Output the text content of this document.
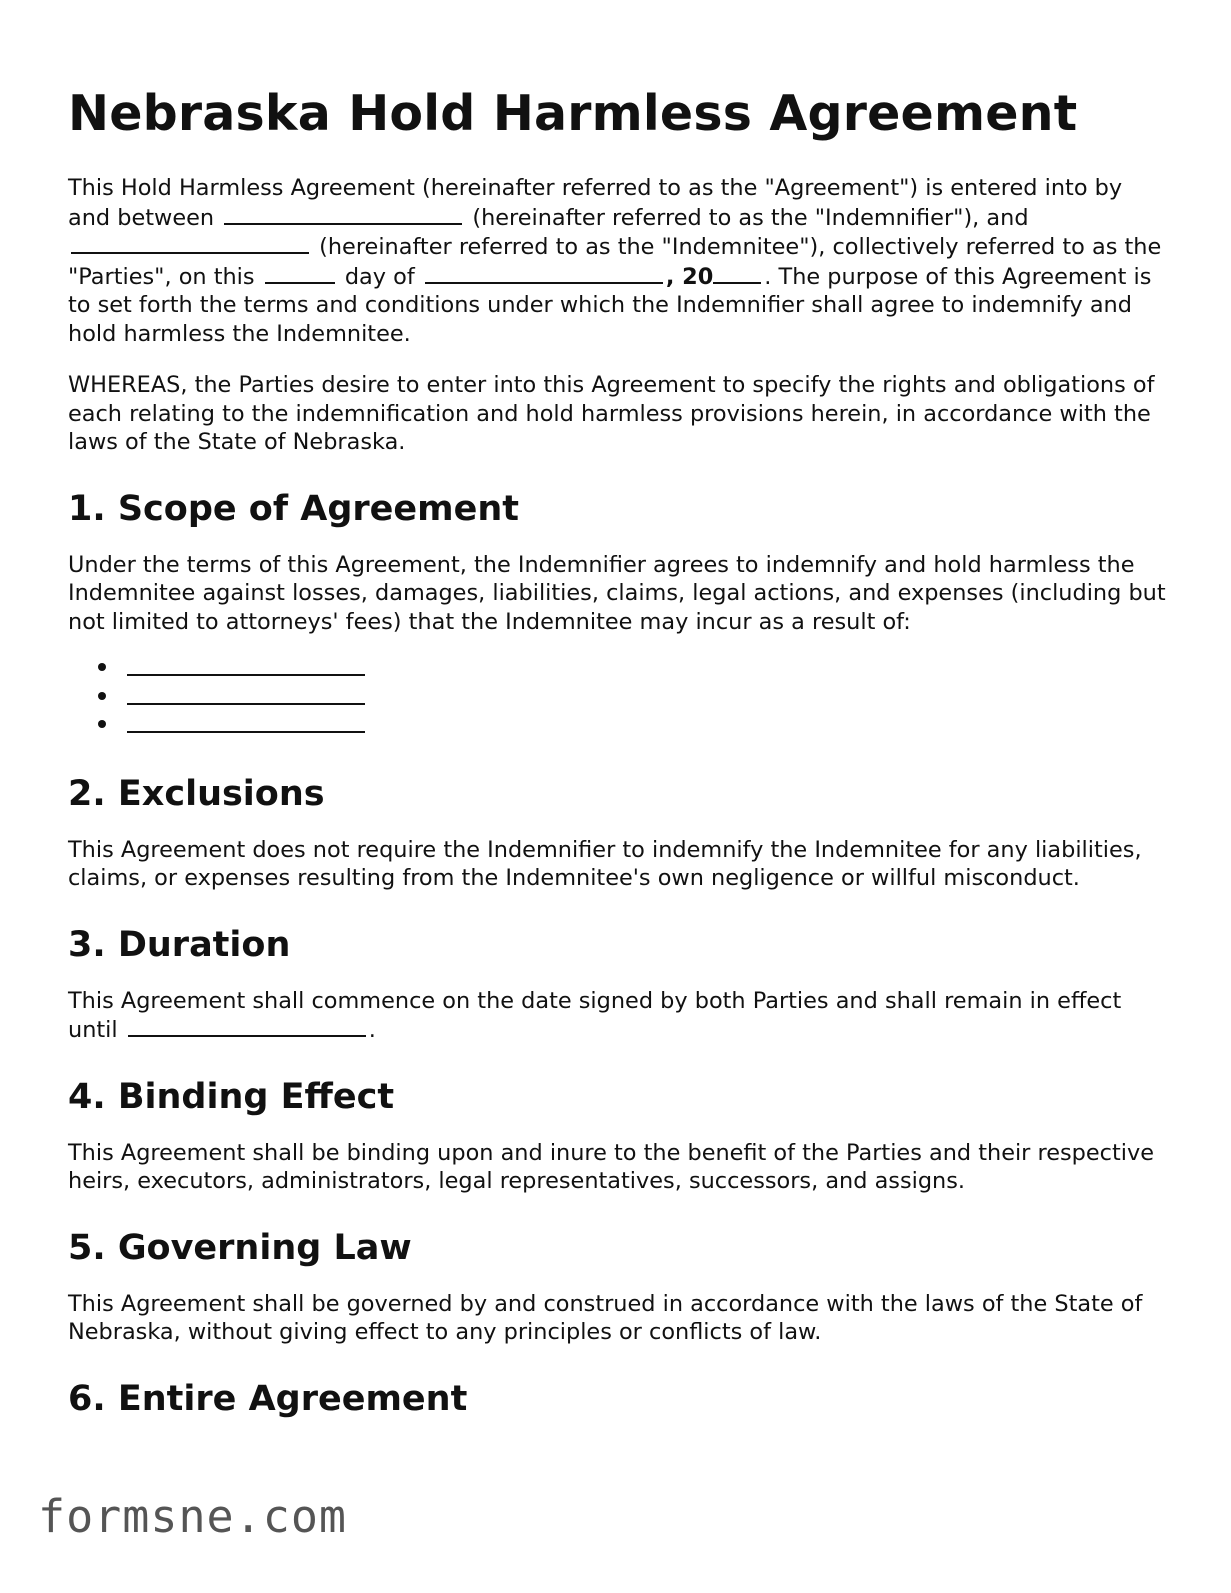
Nebraska Hold Harmless Agreement

This Hold Harmless Agreement (hereinafter referred to as the "Agreement") is entered into by and between	(hereinafter referred to as the "Indemnifier"), and  (hereinafter referred to as the "Indemnitee"), collectively referred to as the "Parties", on this	day of	, 20 . The purpose of this Agreement is to set forth the terms and conditions under which the Indemnifier shall agree to indemnify and hold harmless the Indemnitee.

WHEREAS, the Parties desire to enter into this Agreement to specify the rights and obligations of each relating to the indemnification and hold harmless provisions herein, in accordance with the laws of the State of Nebraska.

1. Scope of Agreement

Under the terms of this Agreement, the Indemnifier agrees to indemnify and hold harmless the Indemnitee against losses, damages, liabilities, claims, legal actions, and expenses (including but not limited to attorneys' fees) that the Indemnitee may incur as a result of:

2. Exclusions

This Agreement does not require the Indemnifier to indemnify the Indemnitee for any liabilities, claims, or expenses resulting from the Indemnitee's own negligence or willful misconduct.

3. Duration

This Agreement shall commence on the date signed by both Parties and shall remain in effect until	.

4. Binding Effect

This Agreement shall be binding upon and inure to the benefit of the Parties and their respective heirs, executors, administrators, legal representatives, successors, and assigns.

5. Governing Law

This Agreement shall be governed by and construed in accordance with the laws of the State of Nebraska, without giving effect to any principles or conflicts of law.

6. Entire Agreement
formsne.com
